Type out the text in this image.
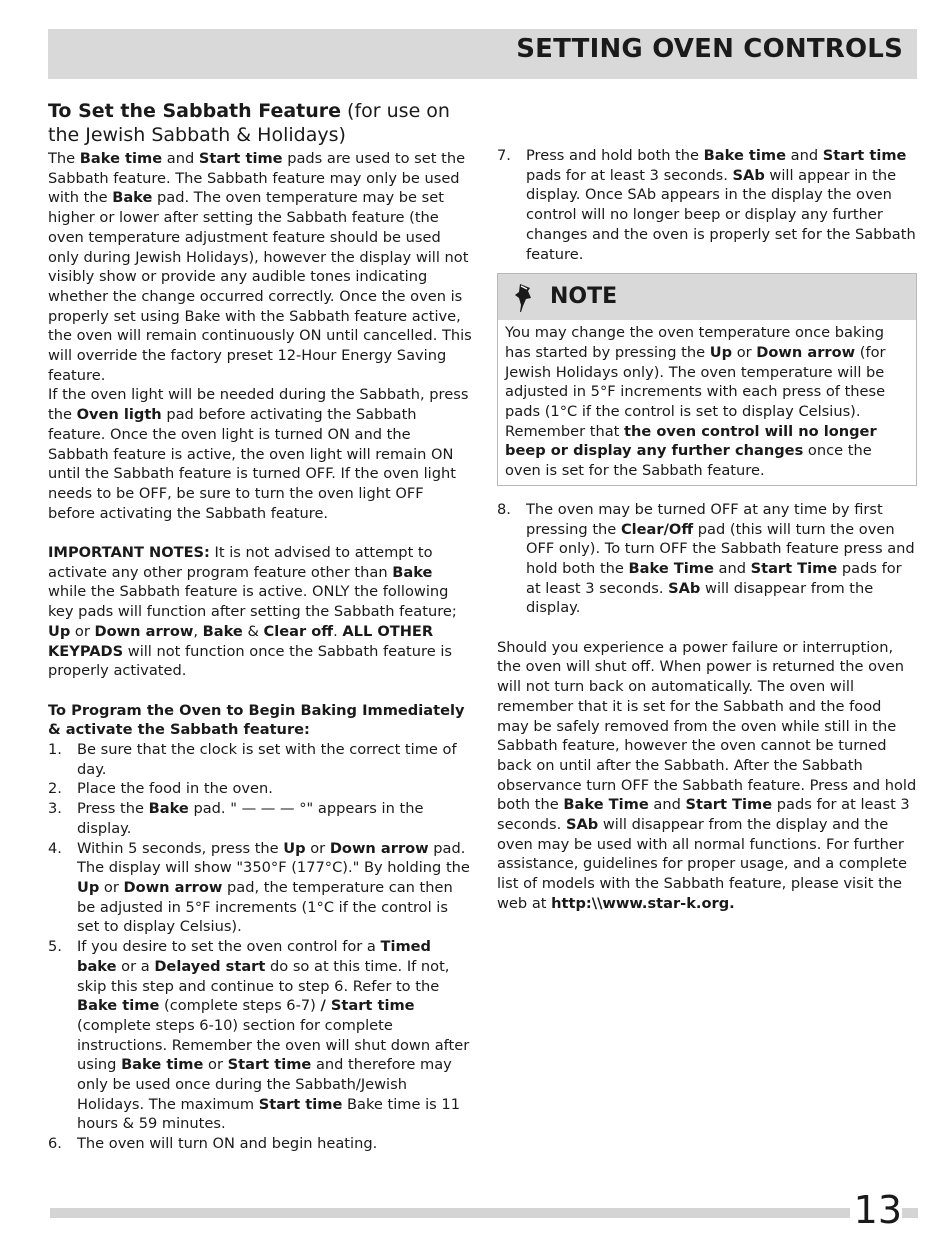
SETTING OVEN CONTROLS

To Set the Sabbath Feature (for use on the Jewish Sabbath & Holidays)

The Bake time and Start time pads are used to set the Sabbath feature. The Sabbath feature may only be used with the Bake pad. The oven temperature may be set higher or lower after setting the Sabbath feature (the oven temperature adjustment feature should be used only during Jewish Holidays), however the display will not visibly show or provide any audible tones indicating whether the change occurred correctly. Once the oven is properly set using Bake with the Sabbath feature active, the oven will remain continuously ON until cancelled. This will override the factory preset 12-Hour Energy Saving feature.

If the oven light will be needed during the Sabbath, press the Oven ligth pad before activating the Sabbath feature. Once the oven light is turned ON and the Sabbath feature is active, the oven light will remain ON until the Sabbath feature is turned OFF. If the oven light needs to be OFF, be sure to turn the oven light OFF before activating the Sabbath feature.

IMPORTANT NOTES: It is not advised to attempt to activate any other program feature other than Bake while the Sabbath feature is active. ONLY the following key pads will function after setting the Sabbath feature; Up or Down arrow, Bake & Clear off. ALL OTHER KEYPADS will not function once the Sabbath feature is properly activated.

To Program the Oven to Begin Baking Immediately & activate the Sabbath feature:

1. Be sure that the clock is set with the correct time of day.
2. Place the food in the oven.
3. Press the Bake pad. " — — — °" appears in the display.
4. Within 5 seconds, press the Up or Down arrow pad. The display will show "350°F (177°C)." By holding the Up or Down arrow pad, the temperature can then be adjusted in 5°F increments (1°C if the control is set to display Celsius).
5. If you desire to set the oven control for a Timed bake or a Delayed start do so at this time. If not, skip this step and continue to step 6. Refer to the Bake time (complete steps 6-7) / Start time (complete steps 6-10) section for complete instructions. Remember the oven will shut down after using Bake time or Start time and therefore may only be used once during the Sabbath/Jewish Holidays. The maximum Start time Bake time is 11 hours & 59 minutes.
6. The oven will turn ON and begin heating.
7. Press and hold both the Bake time and Start time pads for at least 3 seconds. SAb will appear in the display. Once SAb appears in the display the oven control will no longer beep or display any further changes and the oven is properly set for the Sabbath feature.
NOTE
You may change the oven temperature once baking has started by pressing the Up or Down arrow (for Jewish Holidays only). The oven temperature will be adjusted in 5°F increments with each press of these pads (1°C if the control is set to display Celsius). Remember that the oven control will no longer beep or display any further changes once the oven is set for the Sabbath feature.
8. The oven may be turned OFF at any time by first pressing the Clear/Off pad (this will turn the oven OFF only). To turn OFF the Sabbath feature press and hold both the Bake Time and Start Time pads for at least 3 seconds. SAb will disappear from the display.

Should you experience a power failure or interruption, the oven will shut off. When power is returned the oven will not turn back on automatically. The oven will remember that it is set for the Sabbath and the food may be safely removed from the oven while still in the Sabbath feature, however the oven cannot be turned back on until after the Sabbath. After the Sabbath observance turn OFF the Sabbath feature. Press and hold both the Bake Time and Start Time pads for at least 3 seconds. SAb will disappear from the display and the oven may be used with all normal functions. For further assistance, guidelines for proper usage, and a complete list of models with the Sabbath feature, please visit the web at http:\\www.star-k.org.

13
